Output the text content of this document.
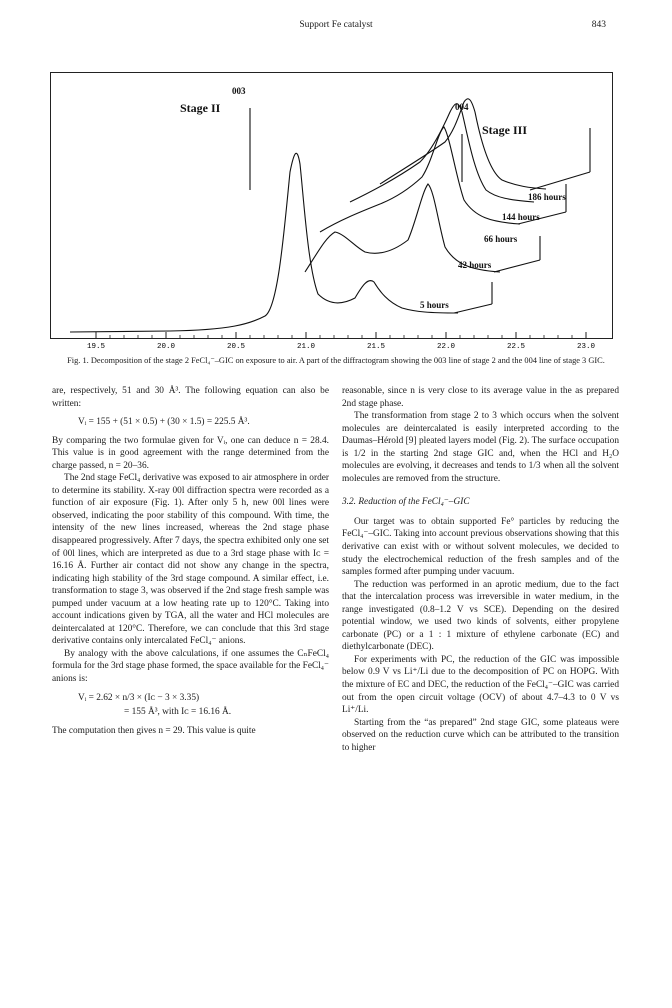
Support Fe catalyst	843
19.5	20.0	20.5	21.0	21.5	22.0	22.5	23.0
003
004
Stage II
Stage III
5 hours
42 hours
66 hours
144 hours
186 hours
Fig. 1. Decomposition of the stage 2 FeCl₄⁻–GIC on exposure to air. A part of the diffractogram showing the 003 line of stage 2 and the 004 line of stage 3 GIC.

are, respectively, 51 and 30 Å³. The following equation can also be written:

Vᵢ = 155 + (51 × 0.5) + (30 × 1.5) = 225.5 Å³.

By comparing the two formulae given for Vᵢ, one can deduce n = 28.4. This value is in good agreement with the range determined from the charge passed, n = 20–36.

The 2nd stage FeCl₄ derivative was exposed to air atmosphere in order to determine its stability. X-ray 00l diffraction spectra were recorded as a function of air exposure (Fig. 1). After only 5 h, new 00l lines were observed, indicating the poor stability of this compound. With time, the intensity of the new lines increased, whereas the 2nd stage phase disappeared progressively. After 7 days, the spectra exhibited only one set of 00l lines, which are interpreted as due to a 3rd stage phase with Iᴄ = 16.16 Å. Further air contact did not show any change in the spectra, indicating high stability of the 3rd stage compound. A similar effect, i.e. transformation to stage 3, was observed if the 2nd stage fresh sample was pumped under vacuum at a low heating rate up to 120°C. Taking into account indications given by TGA, all the water and HCl molecules are deintercalated at 120°C. Therefore, we can conclude that this 3rd stage derivative contains only intercalated FeCl₄⁻ anions.

By analogy with the above calculations, if one assumes the CₙFeCl₄ formula for the 3rd stage phase formed, the space available for the FeCl₄⁻ anions is:

Vᵢ = 2.62 × n/3 × (Iᴄ − 3 × 3.35)

= 155 Å³, with Iᴄ = 16.16 Å.

The computation then gives n = 29. This value is quite

reasonable, since n is very close to its average value in the as prepared 2nd stage phase.

The transformation from stage 2 to 3 which occurs when the solvent molecules are deintercalated is easily interpreted according to the Daumas–Hérold [9] pleated layers model (Fig. 2). The surface occupation is 1/2 in the starting 2nd stage GIC and, when the HCl and H₂O molecules are evolving, it decreases and tends to 1/3 when all the solvent molecules are removed from the structure.

3.2. Reduction of the FeCl₄⁻–GIC

Our target was to obtain supported Fe° particles by reducing the FeCl₄⁻–GIC. Taking into account previous observations showing that this derivative can exist with or without solvent molecules, we decided to study the electrochemical reduction of the fresh samples and of the samples formed after pumping under vacuum.

The reduction was performed in an aprotic medium, due to the fact that the intercalation process was irreversible in water medium, in the range investigated (0.8–1.2 V vs SCE). Depending on the desired potential window, we used two kinds of solvents, either propylene carbonate (PC) or a 1 : 1 mixture of ethylene carbonate (EC) and diethylcarbonate (DEC).

For experiments with PC, the reduction of the GIC was impossible below 0.9 V vs Li⁺/Li due to the decomposition of PC on HOPG. With the mixture of EC and DEC, the reduction of the FeCl₄⁻–GIC was carried out from the open circuit voltage (OCV) of about 4.7–4.3 to 0 V vs Li⁺/Li.

Starting from the “as prepared” 2nd stage GIC, some plateaus were observed on the reduction curve which can be attributed to the transition to higher
